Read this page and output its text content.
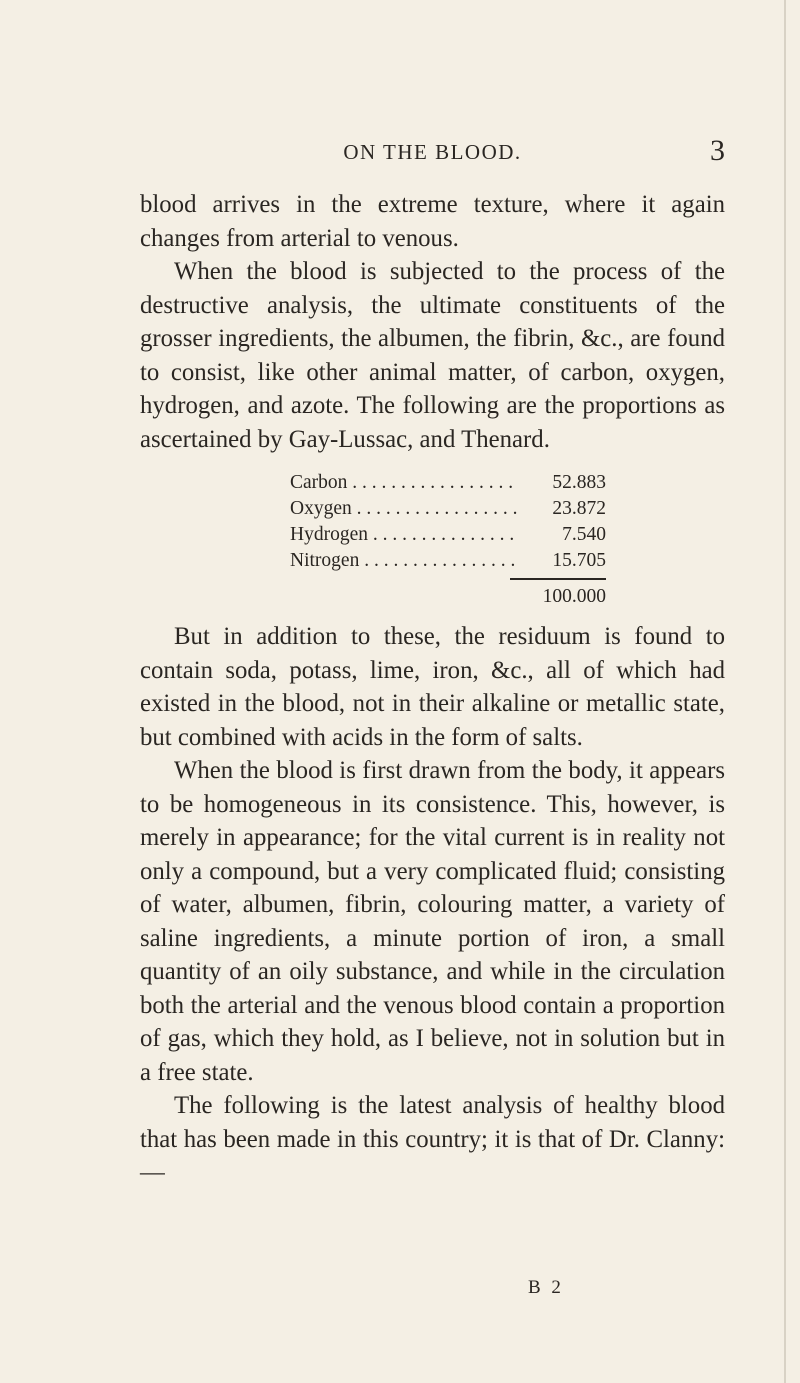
ON THE BLOOD.	3

blood arrives in the extreme texture, where it again changes from arterial to venous.

When the blood is subjected to the process of the destructive analysis, the ultimate constituents of the grosser ingredients, the albumen, the fibrin, &c., are found to consist, like other animal matter, of carbon, oxygen, hydrogen, and azote. The following are the proportions as ascertained by Gay-Lussac, and Thenard.

Carbon . . .	52.883
Oxygen . . .	23.872
Hydrogen . . .	7.540
Nitrogen . . .	15.705
100.000

But in addition to these, the residuum is found to contain soda, potass, lime, iron, &c., all of which had existed in the blood, not in their alkaline or metallic state, but combined with acids in the form of salts.

When the blood is first drawn from the body, it appears to be homogeneous in its consistence. This, however, is merely in appearance; for the vital current is in reality not only a compound, but a very complicated fluid; consisting of water, albumen, fibrin, colouring matter, a variety of saline ingredients, a minute portion of iron, a small quantity of an oily substance, and while in the circulation both the arterial and the venous blood contain a proportion of gas, which they hold, as I believe, not in solution but in a free state.

The following is the latest analysis of healthy blood that has been made in this country; it is that of Dr. Clanny:—

B 2
